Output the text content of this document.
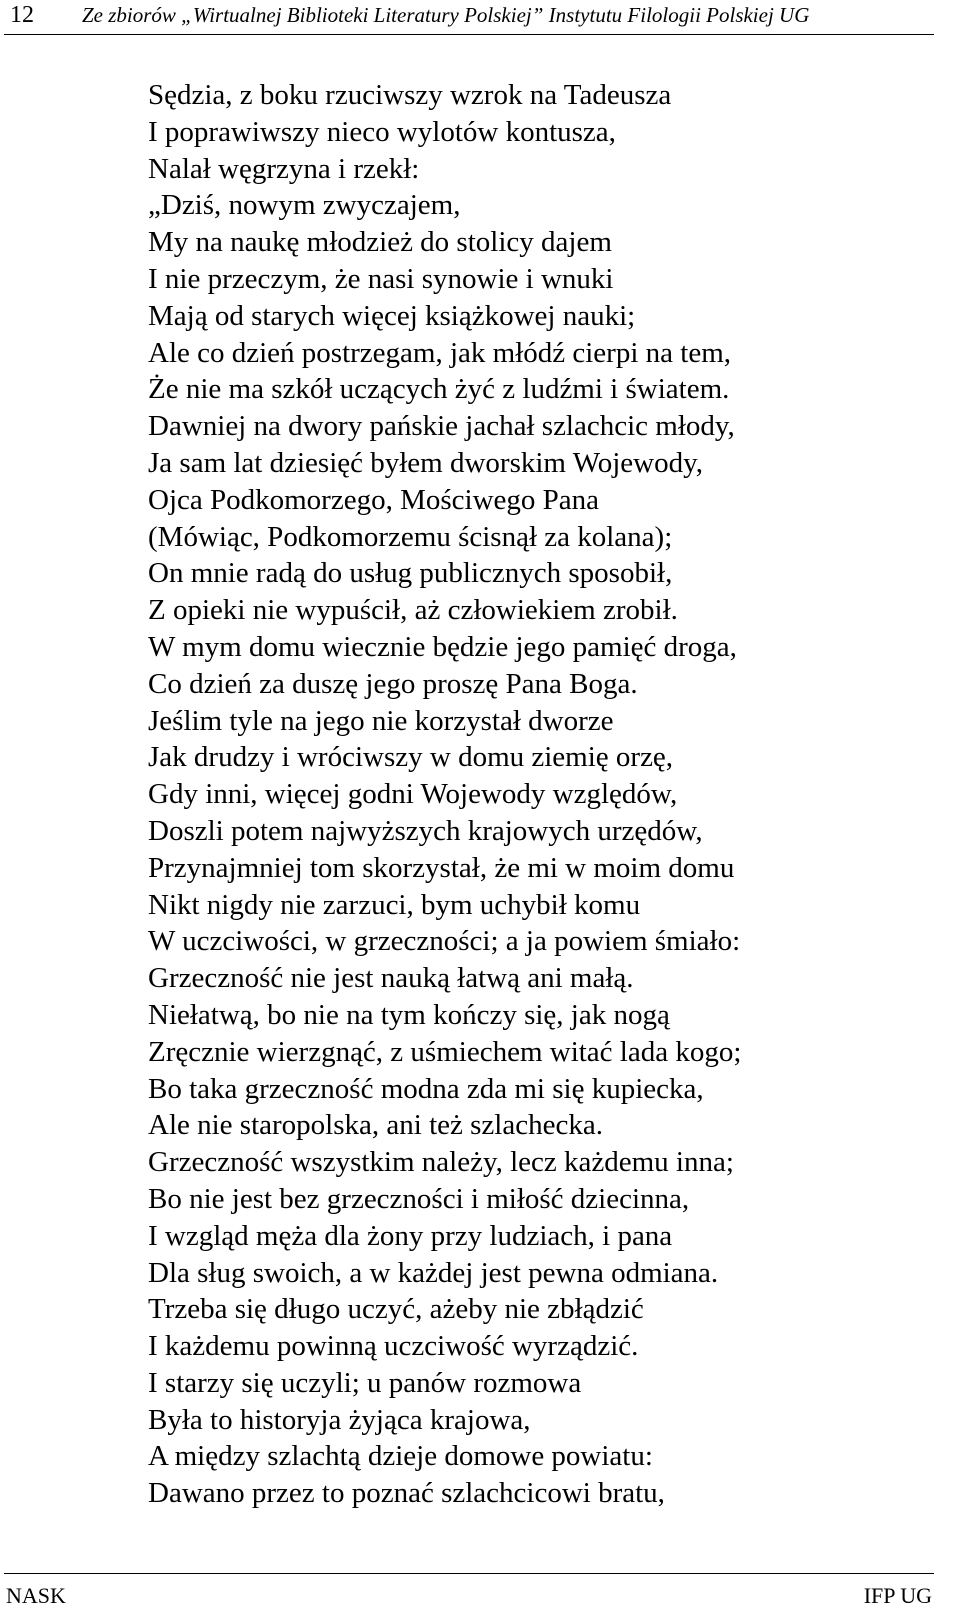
12 Ze zbiorów „Wirtualnej Biblioteki Literatury Polskiej” Instytutu Filologii Polskiej UG
Sędzia, z boku rzuciwszy wzrok na Tadeusza
I poprawiwszy nieco wylotów kontusza,
Nalał węgrzyna i rzekł:
„Dziś, nowym zwyczajem,
My na naukę młodzież do stolicy dajem
I nie przeczym, że nasi synowie i wnuki
Mają od starych więcej książkowej nauki;
Ale co dzień postrzegam, jak młódź cierpi na tem,
Że nie ma szkół uczących żyć z ludźmi i światem.
Dawniej na dwory pańskie jachał szlachcic młody,
Ja sam lat dziesięć byłem dworskim Wojewody,
Ojca Podkomorzego, Mościwego Pana
(Mówiąc, Podkomorzemu ścisnął za kolana);
On mnie radą do usług publicznych sposobił,
Z opieki nie wypuścił, aż człowiekiem zrobił.
W mym domu wiecznie będzie jego pamięć droga,
Co dzień za duszę jego proszę Pana Boga.
Jeślim tyle na jego nie korzystał dworze
Jak drudzy i wróciwszy w domu ziemię orzę,
Gdy inni, więcej godni Wojewody względów,
Doszli potem najwyższych krajowych urzędów,
Przynajmniej tom skorzystał, że mi w moim domu
Nikt nigdy nie zarzuci, bym uchybił komu
W uczciwości, w grzeczności; a ja powiem śmiało:
Grzeczność nie jest nauką łatwą ani małą.
Niełatwą, bo nie na tym kończy się, jak nogą
Zręcznie wierzgnąć, z uśmiechem witać lada kogo;
Bo taka grzeczność modna zda mi się kupiecka,
Ale nie staropolska, ani też szlachecka.
Grzeczność wszystkim należy, lecz każdemu inna;
Bo nie jest bez grzeczności i miłość dziecinna,
I wzgląd męża dla żony przy ludziach, i pana
Dla sług swoich, a w każdej jest pewna odmiana.
Trzeba się długo uczyć, ażeby nie zbłądzić
I każdemu powinną uczciwość wyrządzić.
I starzy się uczyli; u panów rozmowa
Była to historyja żyjąca krajowa,
A między szlachtą dzieje domowe powiatu:
Dawano przez to poznać szlachcicowi bratu,
NASK	IFP UG
